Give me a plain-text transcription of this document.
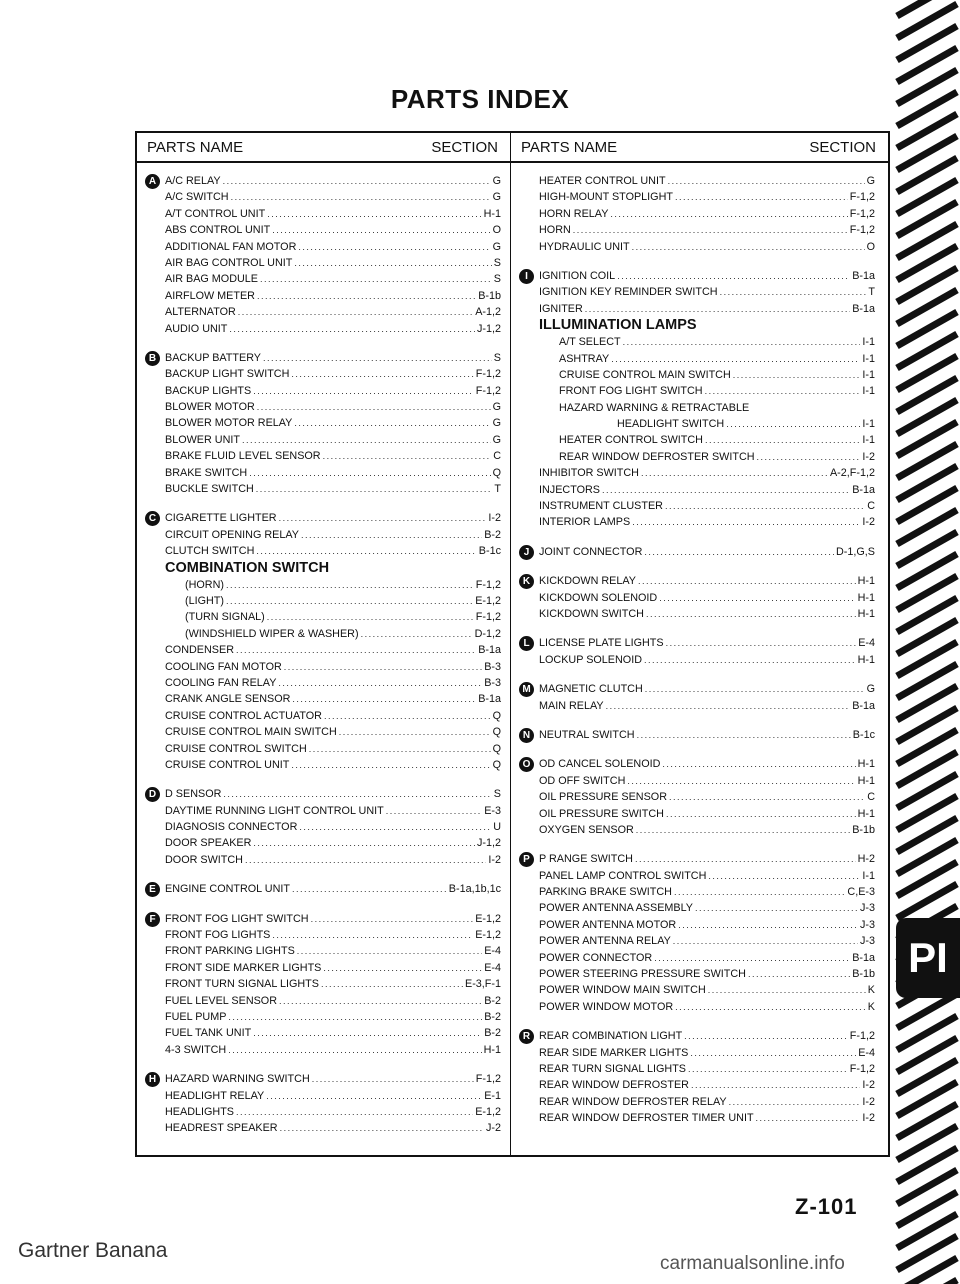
PARTS INDEX
PARTS NAME	SECTION PARTS NAME	SECTION
A A/C RELAY .....	G
A/C SWITCH .....	G
A/T CONTROL UNIT .....	H-1
ABS CONTROL UNIT .....	O
ADDITIONAL FAN MOTOR .....	G
AIR BAG CONTROL UNIT .....	S
AIR BAG MODULE .....	S
AIRFLOW METER .....	B-1b
ALTERNATOR .....	A-1,2
AUDIO UNIT .....	J-1,2
B BACKUP BATTERY .....	S
BACKUP LIGHT SWITCH .....	F-1,2
BACKUP LIGHTS .....	F-1,2
BLOWER MOTOR .....	G
BLOWER MOTOR RELAY .....	G
BLOWER UNIT .....	G
BRAKE FLUID LEVEL SENSOR .....	C
BRAKE SWITCH .....	Q
BUCKLE SWITCH .....	T
C CIGARETTE LIGHTER .....	I-2
CIRCUIT OPENING RELAY .....	B-2
CLUTCH SWITCH .....	B-1c
COMBINATION SWITCH
(HORN) .....	F-1,2
(LIGHT) .....	E-1,2
(TURN SIGNAL) .....	F-1,2
(WINDSHIELD WIPER & WASHER) .....	D-1,2
CONDENSER .....	B-1a
COOLING FAN MOTOR .....	B-3
COOLING FAN RELAY .....	B-3
CRANK ANGLE SENSOR .....	B-1a
CRUISE CONTROL ACTUATOR .....	Q
CRUISE CONTROL MAIN SWITCH .....	Q
CRUISE CONTROL SWITCH .....	Q
CRUISE CONTROL UNIT .....	Q
D D SENSOR .....	S
DAYTIME RUNNING LIGHT CONTROL UNIT .....	E-3
DIAGNOSIS CONNECTOR .....	U
DOOR SPEAKER .....	J-1,2
DOOR SWITCH .....	I-2
E ENGINE CONTROL UNIT .....	B-1a,1b,1c
F FRONT FOG LIGHT SWITCH .....	E-1,2
FRONT FOG LIGHTS .....	E-1,2
FRONT PARKING LIGHTS .....	E-4
FRONT SIDE MARKER LIGHTS .....	E-4
FRONT TURN SIGNAL LIGHTS .....	E-3,F-1
FUEL LEVEL SENSOR .....	B-2
FUEL PUMP .....	B-2
FUEL TANK UNIT .....	B-2
4-3 SWITCH .....	H-1
H HAZARD WARNING SWITCH .....	F-1,2
HEADLIGHT RELAY .....	E-1
HEADLIGHTS .....	E-1,2
HEADREST SPEAKER .....	J-2
HEATER CONTROL UNIT .....	G
HIGH-MOUNT STOPLIGHT .....	F-1,2
HORN RELAY .....	F-1,2
HORN .....	F-1,2
HYDRAULIC UNIT .....	O
I	IGNITION COIL .....	B-1a
IGNITION KEY REMINDER SWITCH .....	T
IGNITER .....	B-1a
ILLUMINATION LAMPS
A/T SELECT .....	I-1
ASHTRAY .....	I-1
CRUISE CONTROL MAIN SWITCH .....	I-1
FRONT FOG LIGHT SWITCH .....	I-1
HAZARD WARNING & RETRACTABLE
HEADLIGHT SWITCH .....	I-1
HEATER CONTROL SWITCH .....	I-1
REAR WINDOW DEFROSTER SWITCH .....	I-2
INHIBITOR SWITCH .....	A-2,F-1,2
INJECTORS .....	B-1a
INSTRUMENT CLUSTER .....	C
INTERIOR LAMPS .....	I-2
J JOINT CONNECTOR .....	D-1,G,S
K KICKDOWN RELAY .....	H-1
KICKDOWN SOLENOID .....	H-1
KICKDOWN SWITCH .....	H-1
L LICENSE PLATE LIGHTS .....	E-4
LOCKUP SOLENOID .....	H-1
M MAGNETIC CLUTCH .....	G
MAIN RELAY .....	B-1a
N NEUTRAL SWITCH .....	B-1c
O OD CANCEL SOLENOID .....	H-1
OD OFF SWITCH .....	H-1
OIL PRESSURE SENSOR .....	C
OIL PRESSURE SWITCH .....	H-1
OXYGEN SENSOR .....	B-1b
P P RANGE SWITCH .....	H-2
PANEL LAMP CONTROL SWITCH .....	I-1
PARKING BRAKE SWITCH .....	C,E-3
POWER ANTENNA ASSEMBLY .....	J-3
POWER ANTENNA MOTOR .....	J-3
POWER ANTENNA RELAY .....	J-3
POWER CONNECTOR .....	B-1a
POWER STEERING PRESSURE SWITCH .....	B-1b
POWER WINDOW MAIN SWITCH .....	K
POWER WINDOW MOTOR .....	K
R REAR COMBINATION LIGHT .....	F-1,2
REAR SIDE MARKER LIGHTS .....	E-4
REAR TURN SIGNAL LIGHTS .....	F-1,2
REAR WINDOW DEFROSTER .....	I-2
REAR WINDOW DEFROSTER RELAY .....	I-2
REAR WINDOW DEFROSTER TIMER UNIT .....	I-2
PI
Z-101
Gartner Banana
carmanualsonline.info
